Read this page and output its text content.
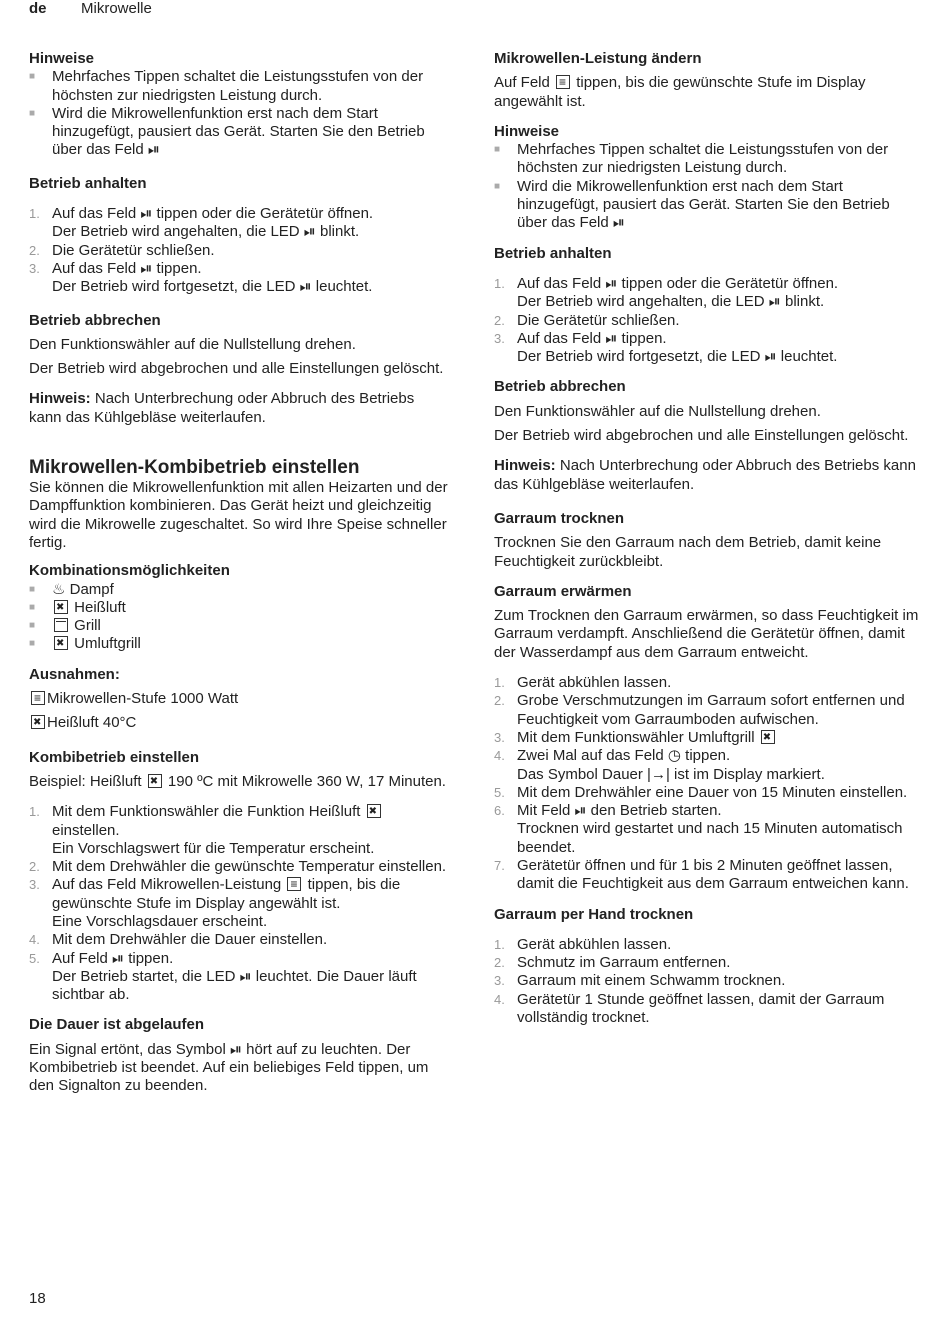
de Mikrowelle
Hinweise
■ Mehrfaches Tippen schaltet die Leistungsstufen von der höchsten zur niedrigsten Leistung durch.
■ Wird die Mikrowellenfunktion erst nach dem Start hinzugefügt, pausiert das Gerät. Starten Sie den Betrieb über das Feld ⏯
Betrieb anhalten
1. Auf das Feld ⏯ tippen oder die Gerätetür öffnen.
Der Betrieb wird angehalten, die LED ⏯ blinkt.
2. Die Gerätetür schließen.
3. Auf das Feld ⏯ tippen.
Der Betrieb wird fortgesetzt, die LED ⏯ leuchtet.
Betrieb abbrechen

Den Funktionswähler auf die Nullstellung drehen.

Der Betrieb wird abgebrochen und alle Einstellungen gelöscht.

Hinweis: Nach Unterbrechung oder Abbruch des Betriebs kann das Kühlgebläse weiterlaufen.

Mikrowellen-Kombibetrieb einstellen

Sie können die Mikrowellenfunktion mit allen Heizarten und der Dampffunktion kombinieren. Das Gerät heizt und gleichzeitig wird die Mikrowelle zugeschaltet. So wird Ihre Speise schneller fertig.

Kombinationsmöglichkeiten
■ ♨ Dampf
✖ ■ Heißluft
■ Grill
✖ ■ Umluftgrill
Ausnahmen:

≡Mikrowellen-Stufe 1000 Watt

✖Heißluft 40°C

Kombibetrieb einstellen

Beispiel: Heißluft ✖ 190 ºC mit Mikrowelle 360 W, 17 Minuten.

1. Mit dem Funktionswähler die Funktion Heißluft ✖ einstellen.
Ein Vorschlagswert für die Temperatur erscheint.
2. Mit dem Drehwähler die gewünschte Temperatur einstellen.
3. Auf das Feld Mikrowellen-Leistung ≡ tippen, bis die gewünschte Stufe im Display angewählt ist.
Eine Vorschlagsdauer erscheint.
4. Mit dem Drehwähler die Dauer einstellen.
5. Auf Feld ⏯ tippen.
Der Betrieb startet, die LED ⏯ leuchtet. Die Dauer läuft sichtbar ab.
Die Dauer ist abgelaufen

Ein Signal ertönt, das Symbol ⏯ hört auf zu leuchten. Der Kombibetrieb ist beendet. Auf ein beliebiges Feld tippen, um den Signalton zu beenden.

Mikrowellen-Leistung ändern

Auf Feld ≡ tippen, bis die gewünschte Stufe im Display angewählt ist.

Hinweise
■ Mehrfaches Tippen schaltet die Leistungsstufen von der höchsten zur niedrigsten Leistung durch.
■ Wird die Mikrowellenfunktion erst nach dem Start hinzugefügt, pausiert das Gerät. Starten Sie den Betrieb über das Feld ⏯
Betrieb anhalten
1. Auf das Feld ⏯ tippen oder die Gerätetür öffnen.
Der Betrieb wird angehalten, die LED ⏯ blinkt.
2. Die Gerätetür schließen.
3. Auf das Feld ⏯ tippen.
Der Betrieb wird fortgesetzt, die LED ⏯ leuchtet.
Betrieb abbrechen

Den Funktionswähler auf die Nullstellung drehen.

Der Betrieb wird abgebrochen und alle Einstellungen gelöscht.

Hinweis: Nach Unterbrechung oder Abbruch des Betriebs kann das Kühlgebläse weiterlaufen.

Garraum trocknen

Trocknen Sie den Garraum nach dem Betrieb, damit keine Feuchtigkeit zurückbleibt.

Garraum erwärmen

Zum Trocknen den Garraum erwärmen, so dass Feuchtigkeit im Garraum verdampft. Anschließend die Gerätetür öffnen, damit der Wasserdampf aus dem Garraum entweicht.

1. Gerät abkühlen lassen.
2. Grobe Verschmutzungen im Garraum sofort entfernen und Feuchtigkeit vom Garraumboden aufwischen.
3. Mit dem Funktionswähler Umluftgrill ✖
4. Zwei Mal auf das Feld ◷ tippen.
Das Symbol Dauer |→| ist im Display markiert.
5. Mit dem Drehwähler eine Dauer von 15 Minuten einstellen.
6. Mit Feld ⏯ den Betrieb starten.
Trocknen wird gestartet und nach 15 Minuten automatisch beendet.
7. Gerätetür öffnen und für 1 bis 2 Minuten geöffnet lassen, damit die Feuchtigkeit aus dem Garraum entweichen kann.
Garraum per Hand trocknen
1. Gerät abkühlen lassen.
2. Schmutz im Garraum entfernen.
3. Garraum mit einem Schwamm trocknen.
4. Gerätetür 1 Stunde geöffnet lassen, damit der Garraum vollständig trocknet.
18
